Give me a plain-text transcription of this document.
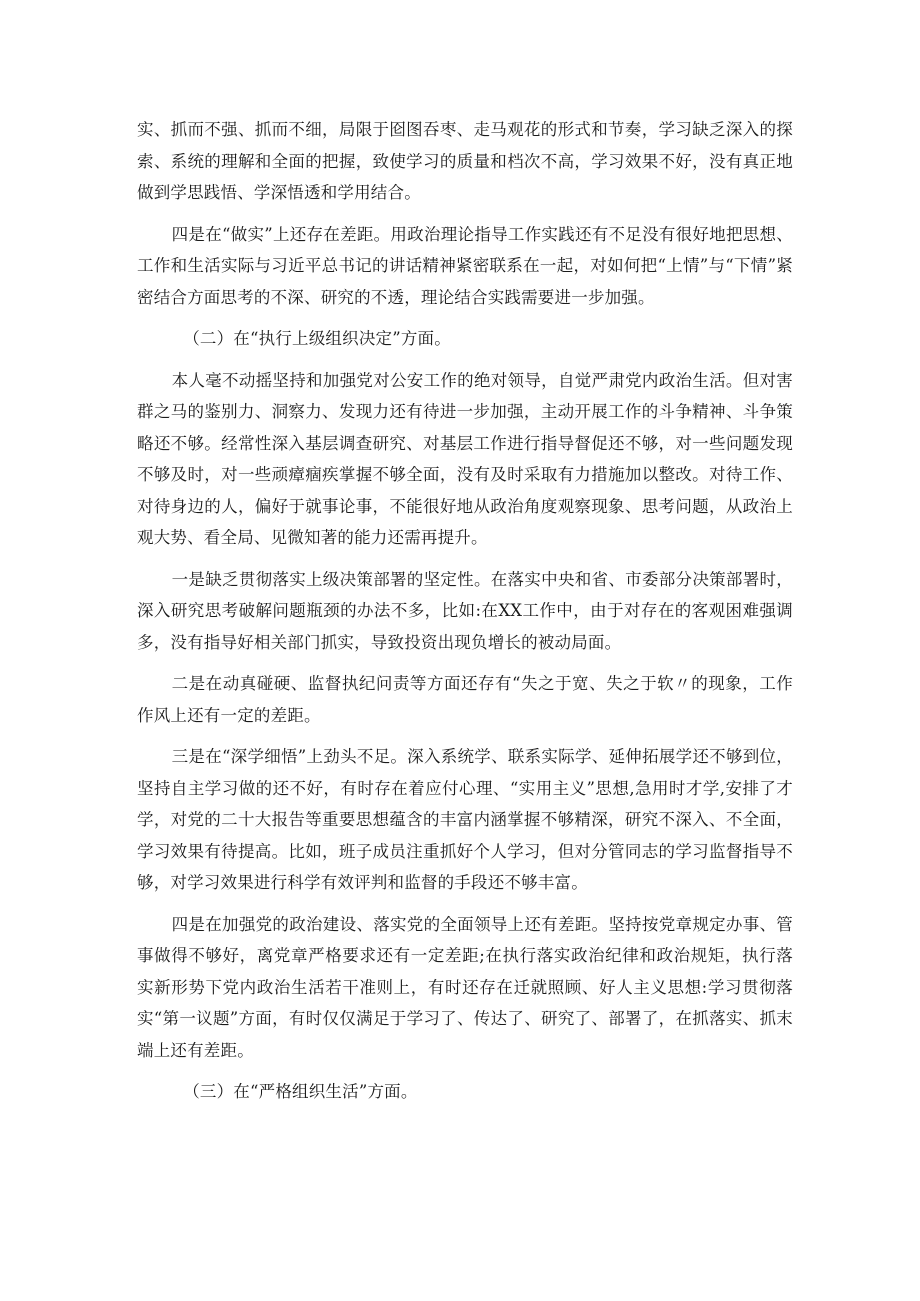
实、抓而不强、抓而不细，局限于囵图吞枣、走马观花的形式和节奏，学习缺乏深入的探索、系统的理解和全面的把握，致使学习的质量和档次不高，学习效果不好，没有真正地做到学思践悟、学深悟透和学用结合。

四是在“做实”上还存在差距。用政治理论指导工作实践还有不足没有很好地把思想、工作和生活实际与习近平总书记的讲话精神紧密联系在一起，对如何把“上情”与“下情”紧密结合方面思考的不深、研究的不透，理论结合实践需要进一步加强。

（二）在“执行上级组织决定”方面。

本人毫不动摇坚持和加强党对公安工作的绝对领导，自觉严肃党内政治生活。但对害群之马的鉴别力、洞察力、发现力还有待进一步加强，主动开展工作的斗争精神、斗争策略还不够。经常性深入基层调查研究、对基层工作进行指导督促还不够，对一些问题发现不够及时，对一些顽瘴痼疾掌握不够全面，没有及时采取有力措施加以整改。对待工作、对待身边的人，偏好于就事论事，不能很好地从政治角度观察现象、思考问题，从政治上观大势、看全局、见微知著的能力还需再提升。

一是缺乏贯彻落实上级决策部署的坚定性。在落实中央和省、市委部分决策部署时，深入研究思考破解问题瓶颈的办法不多，比如:在XX工作中，由于对存在的客观困难强调多，没有指导好相关部门抓实，导致投资出现负增长的被动局面。

二是在动真碰硬、监督执纪问责等方面还存有“失之于宽、失之于软〃的现象，工作作风上还有一定的差距。

三是在“深学细悟”上劲头不足。深入系统学、联系实际学、延伸拓展学还不够到位，坚持自主学习做的还不好，有时存在着应付心理、“实用主义”思想,急用时才学,安排了才学，对党的二十大报告等重要思想蕴含的丰富内涵掌握不够精深，研究不深入、不全面，学习效果有待提高。比如，班子成员注重抓好个人学习，但对分管同志的学习监督指导不够，对学习效果进行科学有效评判和监督的手段还不够丰富。

四是在加强党的政治建设、落实党的全面领导上还有差距。坚持按党章规定办事、管事做得不够好，离党章严格要求还有一定差距;在执行落实政治纪律和政治规矩，执行落实新形势下党内政治生活若干准则上，有时还存在迁就照顾、好人主义思想:学习贯彻落实“第一议题”方面，有时仅仅满足于学习了、传达了、研究了、部署了，在抓落实、抓末端上还有差距。

（三）在“严格组织生活”方面。
